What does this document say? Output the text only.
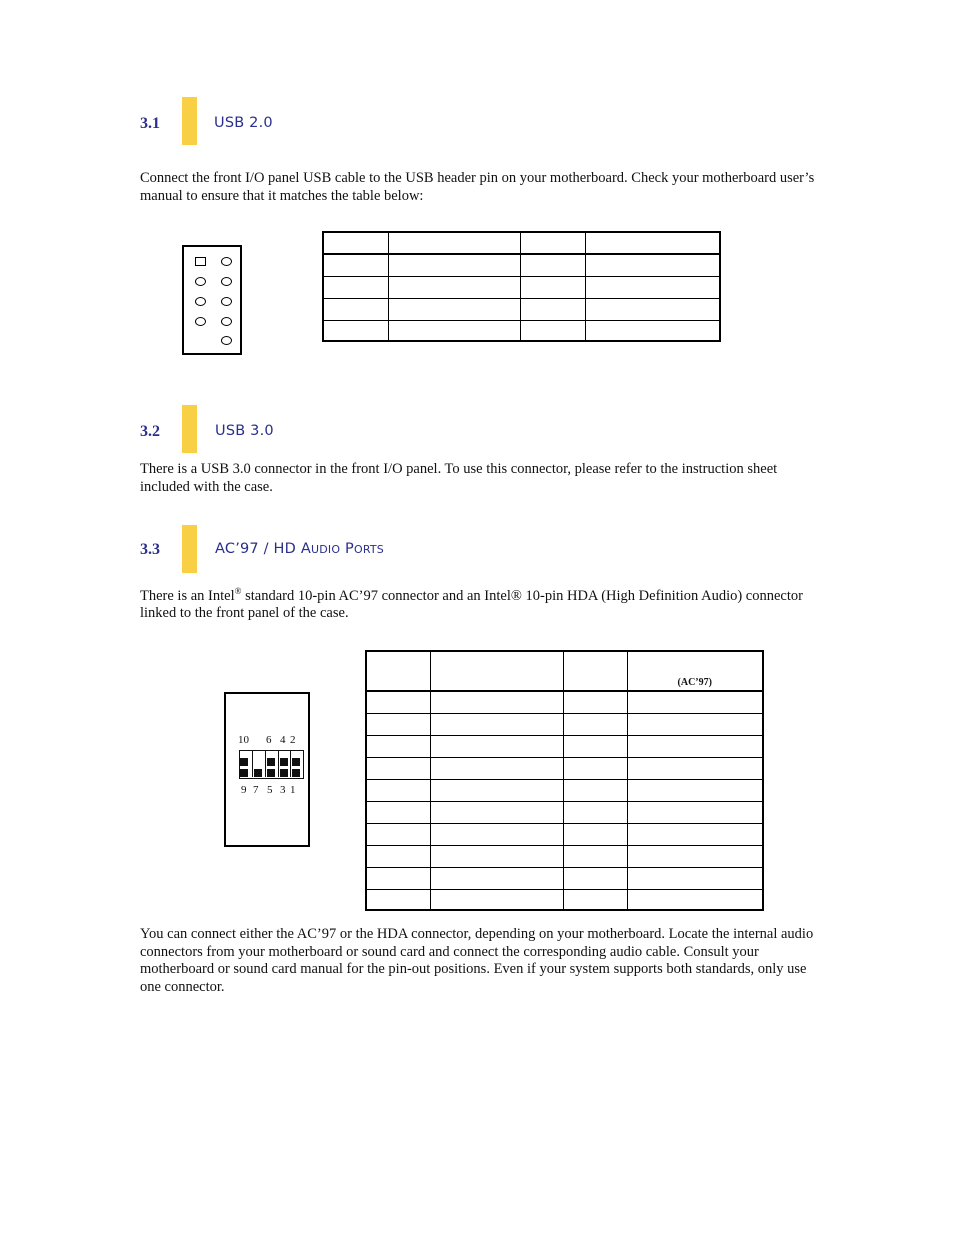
3.1	USB 2.0
Connect the front I/O panel USB cable to the USB header pin on your motherboard. Check your motherboard user’s manual to ensure that it matches the table below:

3.2	USB 3.0
There is a USB 3.0 connector in the front I/O panel. To use this connector, please refer to the instruction sheet included with the case.
3.3	AC’97 / HD AUDIO PORTS
There is an Intel® standard 10-pin AC’97 connector and an Intel® 10-pin HDA (High Definition Audio) connector linked to the front panel of the case.
10 6 4 2
9 7 5 3 1
			(AC’97)

You can connect either the AC’97 or the HDA connector, depending on your motherboard. Locate the internal audio connectors from your motherboard or sound card and connect the corresponding audio cable. Consult your motherboard or sound card manual for the pin-out positions. Even if your system supports both standards, only use one connector.
